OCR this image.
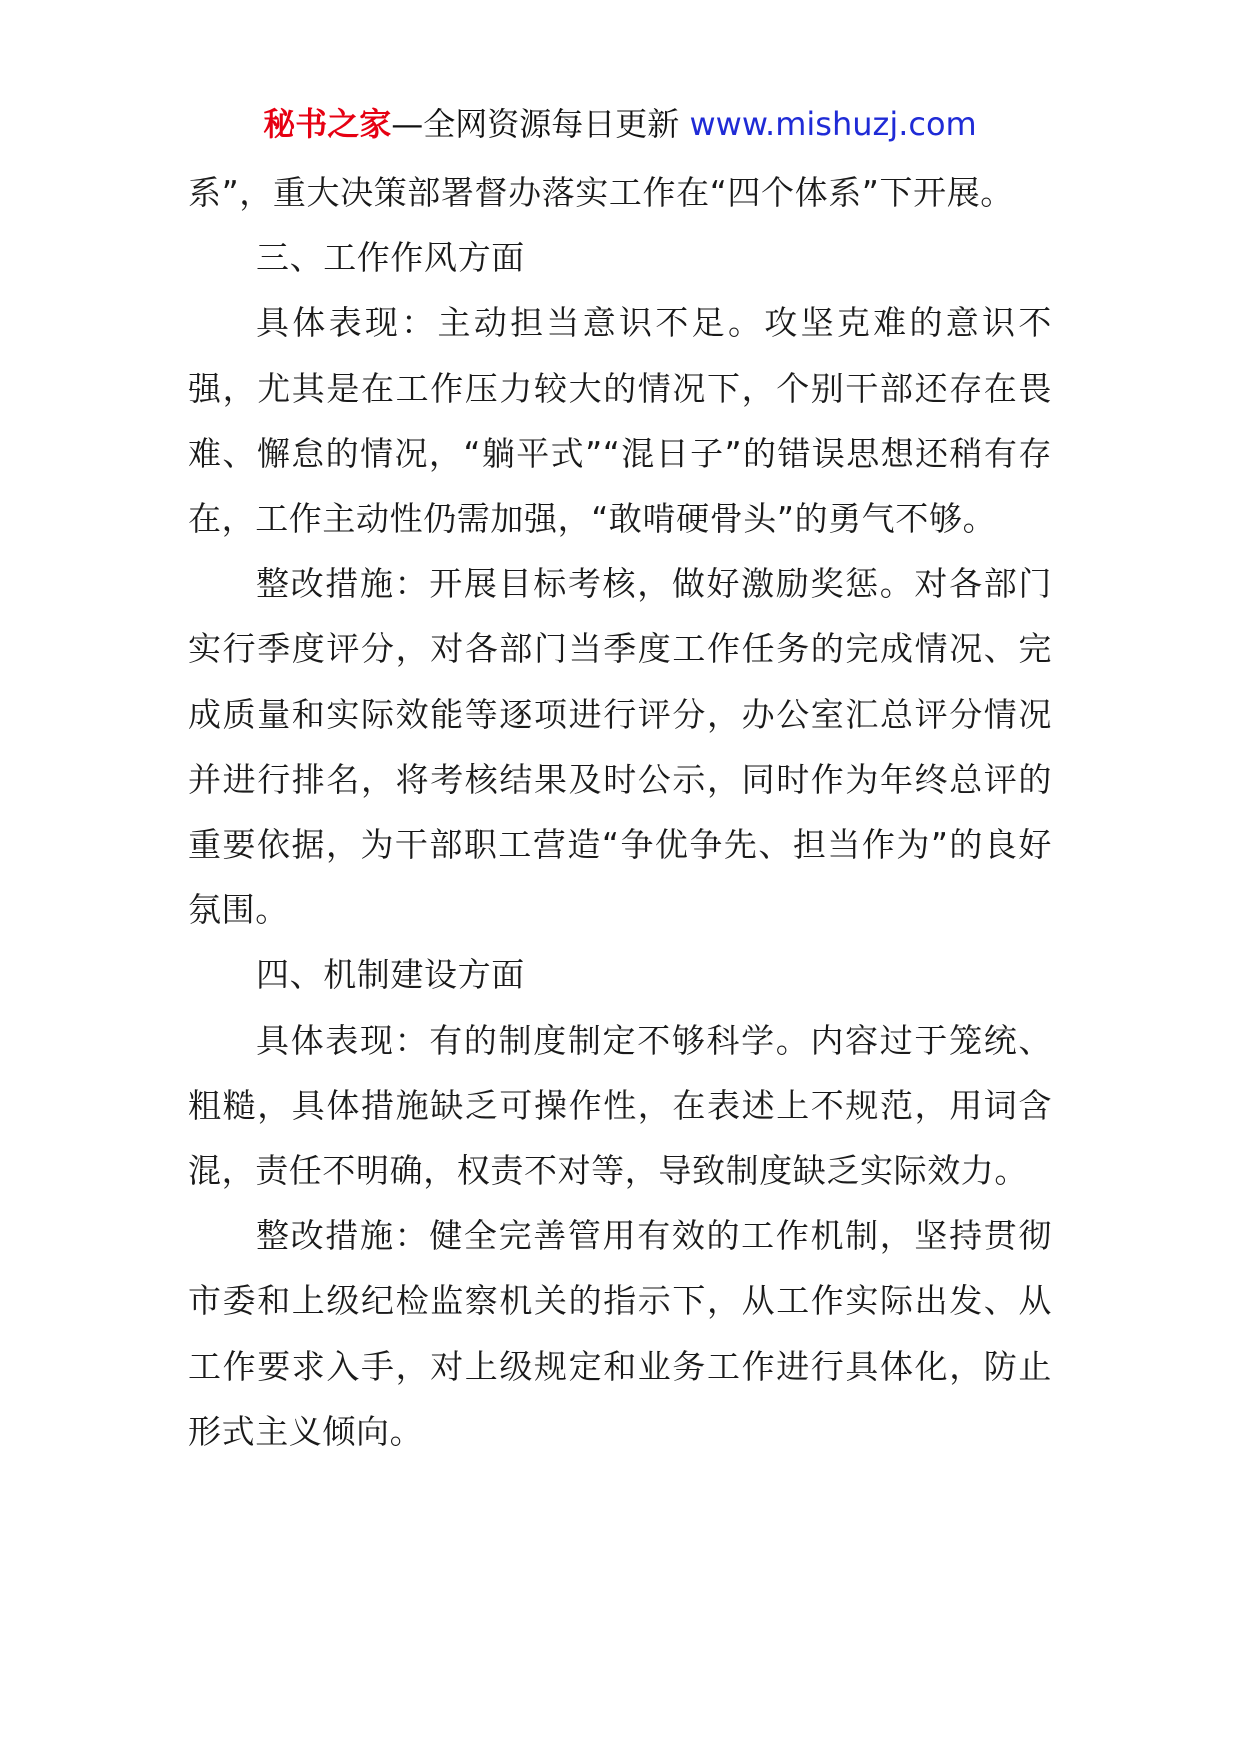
秘书之家—全网资源每日更新 www.mishuzj.com

系”，重大决策部署督办落实工作在“四个体系”下开展。

三、工作作风方面

具体表现：主动担当意识不足。攻坚克难的意识不强，尤其是在工作压力较大的情况下，个别干部还存在畏难、懈怠的情况，“躺平式”“混日子”的错误思想还稍有存在，工作主动性仍需加强，“敢啃硬骨头”的勇气不够。

整改措施：开展目标考核，做好激励奖惩。对各部门实行季度评分，对各部门当季度工作任务的完成情况、完成质量和实际效能等逐项进行评分，办公室汇总评分情况并进行排名，将考核结果及时公示，同时作为年终总评的重要依据，为干部职工营造“争优争先、担当作为”的良好氛围。

四、机制建设方面

具体表现：有的制度制定不够科学。内容过于笼统、粗糙，具体措施缺乏可操作性，在表述上不规范，用词含混，责任不明确，权责不对等，导致制度缺乏实际效力。

整改措施：健全完善管用有效的工作机制，坚持贯彻市委和上级纪检监察机关的指示下，从工作实际出发、从工作要求入手，对上级规定和业务工作进行具体化，防止形式主义倾向。
